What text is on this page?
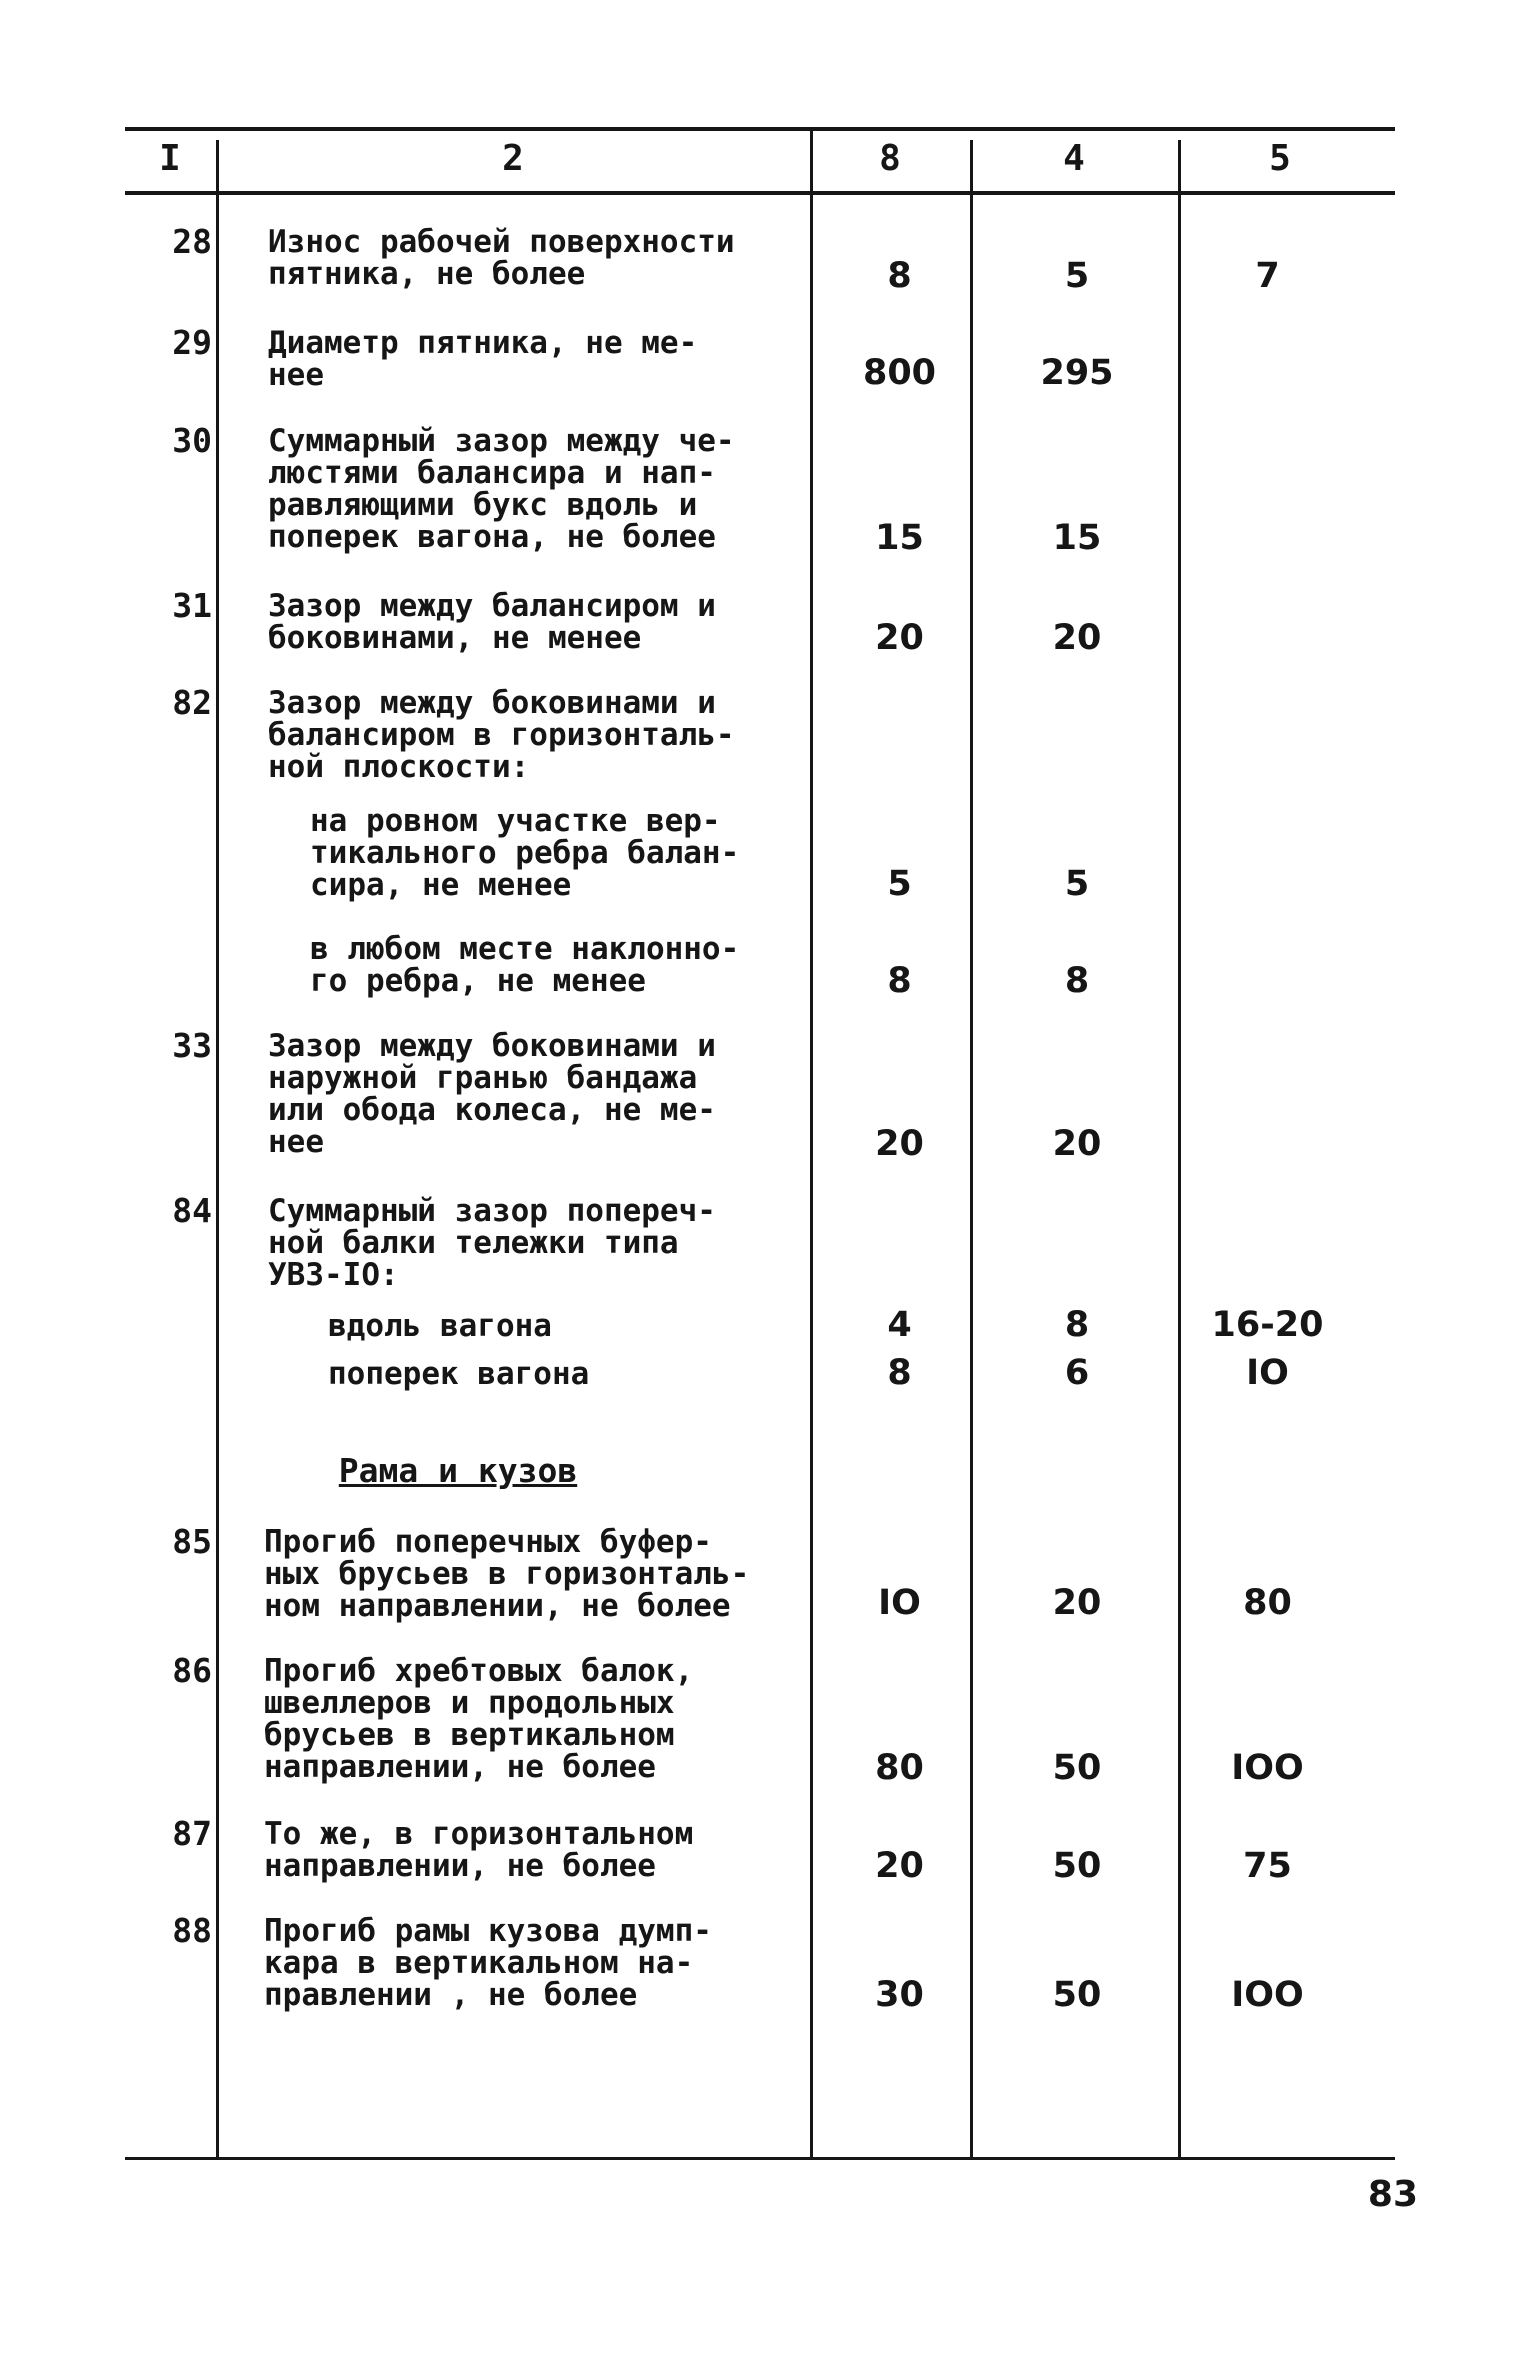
I	2	8	4	5
28 Износ рабочей поверхности
пятника, не более	8	5	7
29 Диаметр пятника, не ме-
нее	800	295
30 Суммарный зазор между че-
люстями балансира и нап-
равляющими букс вдоль и
поперек вагона, не более	15	15
31 Зазор между балансиром и
боковинами, не менее	20	20
82 Зазор между боковинами и
балансиром в горизонталь-
ной плоскости:
на ровном участке вер-
тикального ребра балан-
сира, не менее	5	5
в любом месте наклонно-
го ребра, не менее	8	8
33 Зазор между боковинами и
наружной гранью бандажа
или обода колеса, не ме-
нее	20	20
84 Суммарный зазор попереч-
ной балки тележки типа
УВЗ-IO:
вдоль вагона	4	8	16-20
поперек вагона	8	6	IO
Рама и кузов
85 Прогиб поперечных буфер-
ных брусьев в горизонталь-
ном направлении, не более	IO	20	80
86 Прогиб хребтовых балок,
швеллеров и продольных
брусьев в вертикальном
направлении, не более	80	50	IOO
87 То же, в горизонтальном
направлении, не более	20	50	75
88 Прогиб рамы кузова думп-
кара в вертикальном на-
правлении , не более	30	50	IOO
83
